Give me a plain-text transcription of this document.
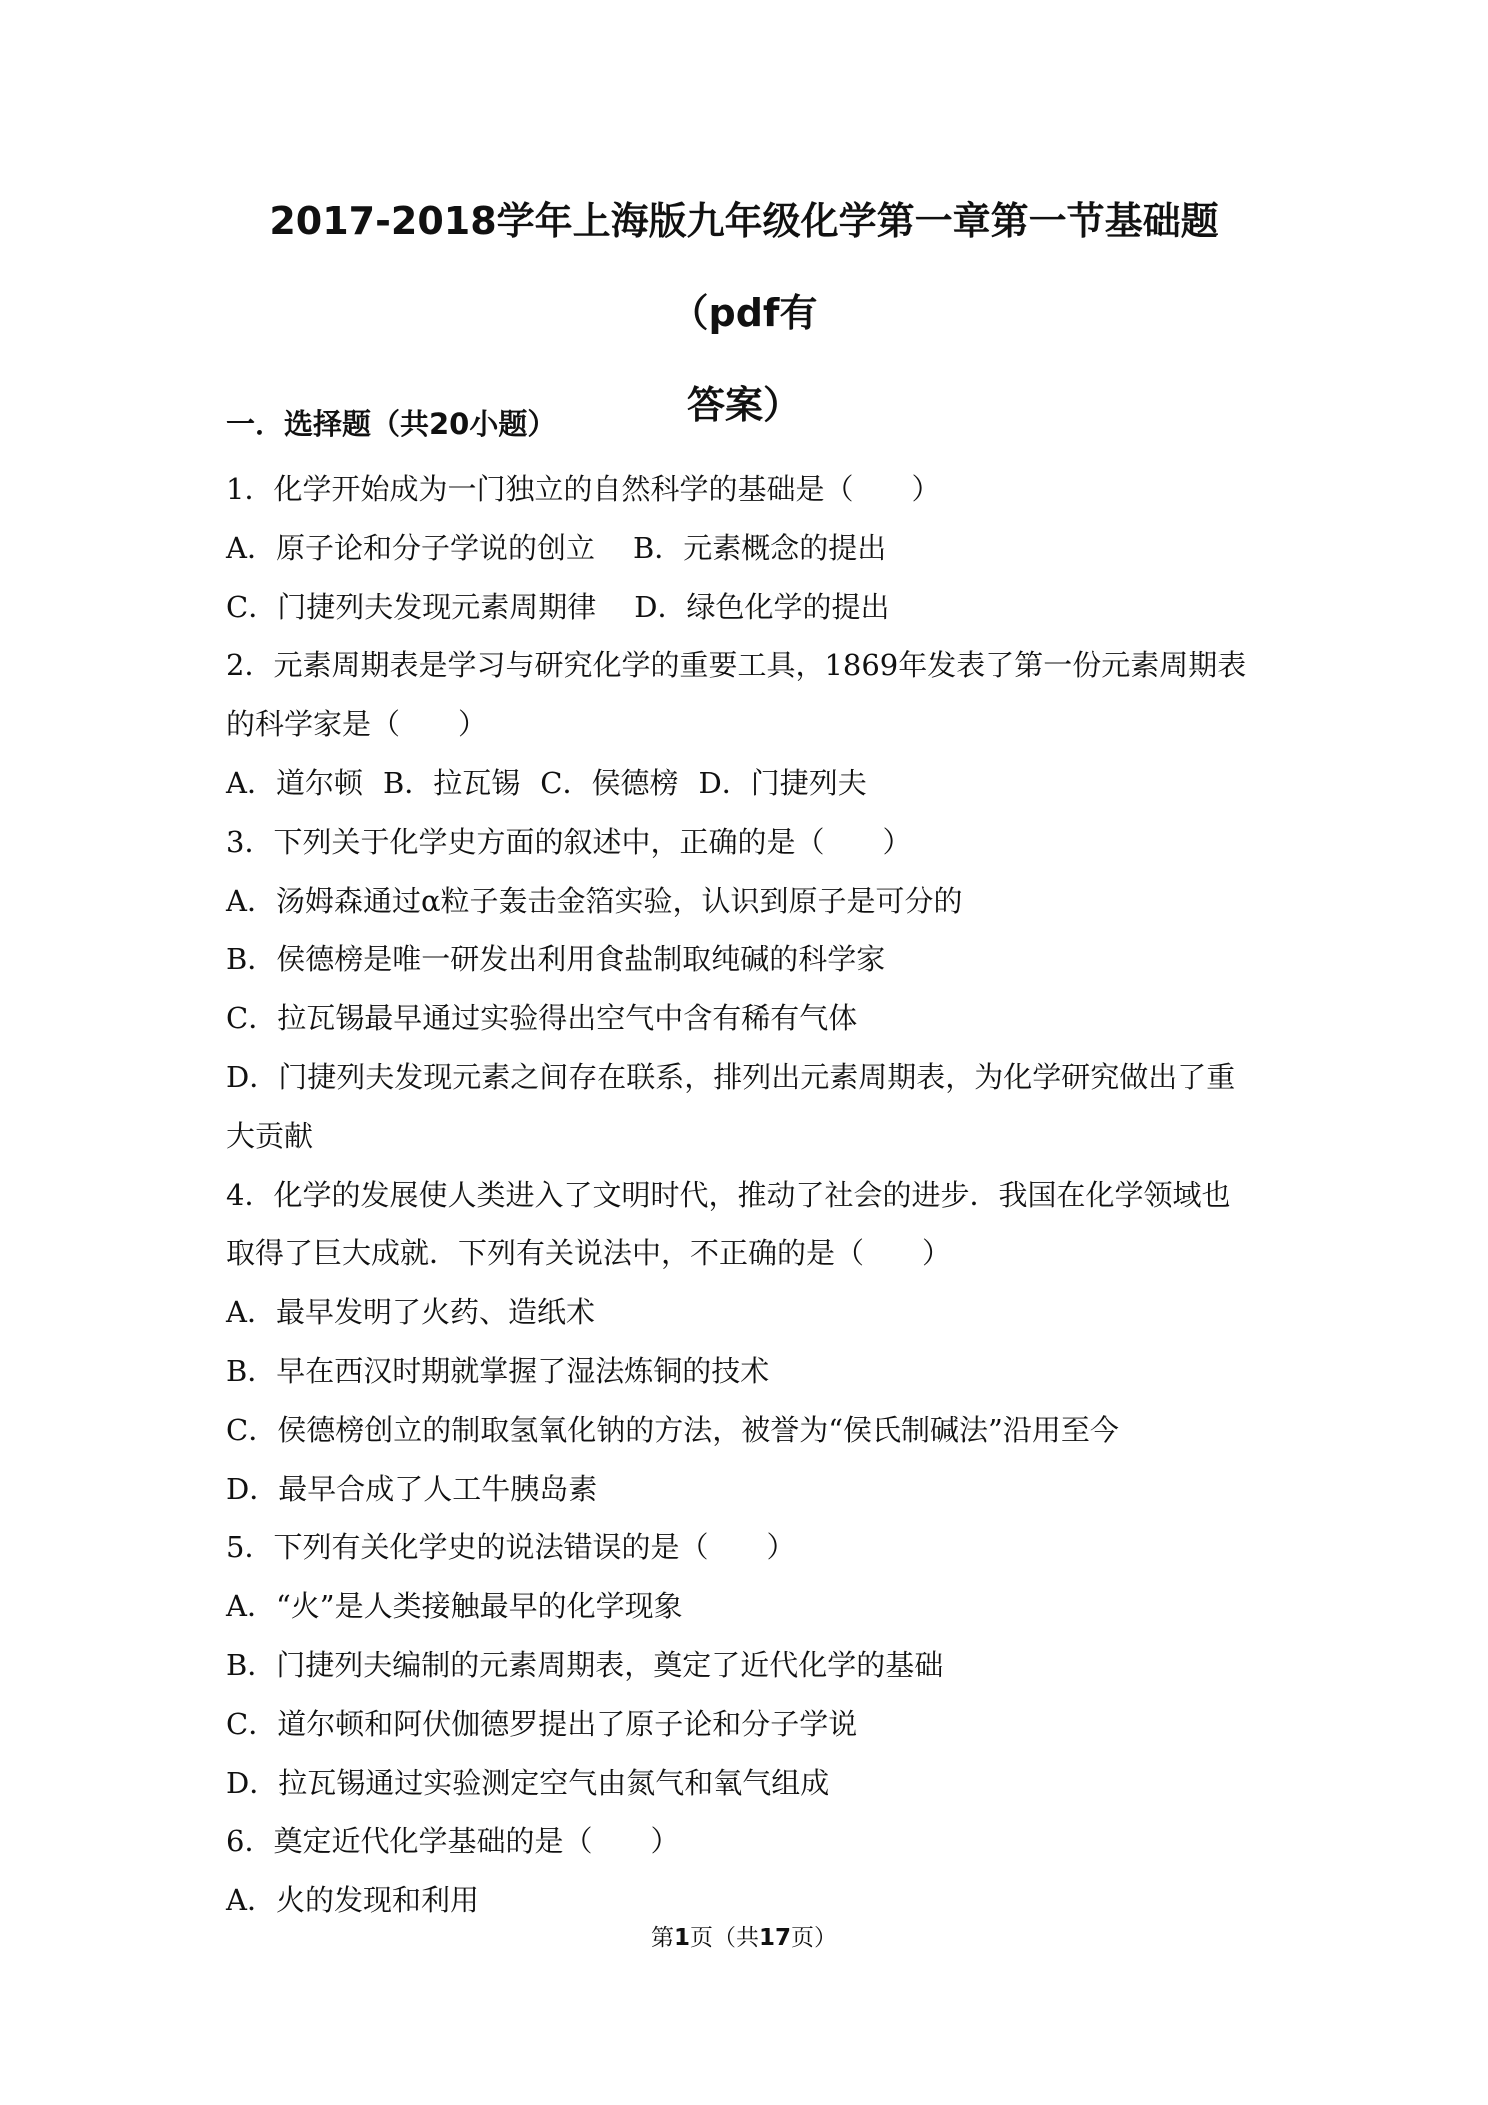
2017-2018学年上海版九年级化学第一章第一节基础题（pdf有
答案）
一．选择题（共20小题）
1．化学开始成为一门独立的自然科学的基础是（　　）
A．原子论和分子学说的创立 B．元素概念的提出
C．门捷列夫发现元素周期律 D．绿色化学的提出
2．元素周期表是学习与研究化学的重要工具，1869年发表了第一份元素周期表
的科学家是（　　）
A．道尔顿 B．拉瓦锡 C．侯德榜 D．门捷列夫
3．下列关于化学史方面的叙述中，正确的是（　　）
A．汤姆森通过α粒子轰击金箔实验，认识到原子是可分的
B．侯德榜是唯一研发出利用食盐制取纯碱的科学家
C．拉瓦锡最早通过实验得出空气中含有稀有气体
D．门捷列夫发现元素之间存在联系，排列出元素周期表，为化学研究做出了重
大贡献
4．化学的发展使人类进入了文明时代，推动了社会的进步．我国在化学领域也
取得了巨大成就．下列有关说法中，不正确的是（　　）
A．最早发明了火药、造纸术
B．早在西汉时期就掌握了湿法炼铜的技术
C．侯德榜创立的制取氢氧化钠的方法，被誉为“侯氏制碱法”沿用至今
D．最早合成了人工牛胰岛素
5．下列有关化学史的说法错误的是（　　）
A．“火”是人类接触最早的化学现象
B．门捷列夫编制的元素周期表，奠定了近代化学的基础
C．道尔顿和阿伏伽德罗提出了原子论和分子学说
D．拉瓦锡通过实验测定空气由氮气和氧气组成
6．奠定近代化学基础的是（　　）
A．火的发现和利用
第1页（共17页）
